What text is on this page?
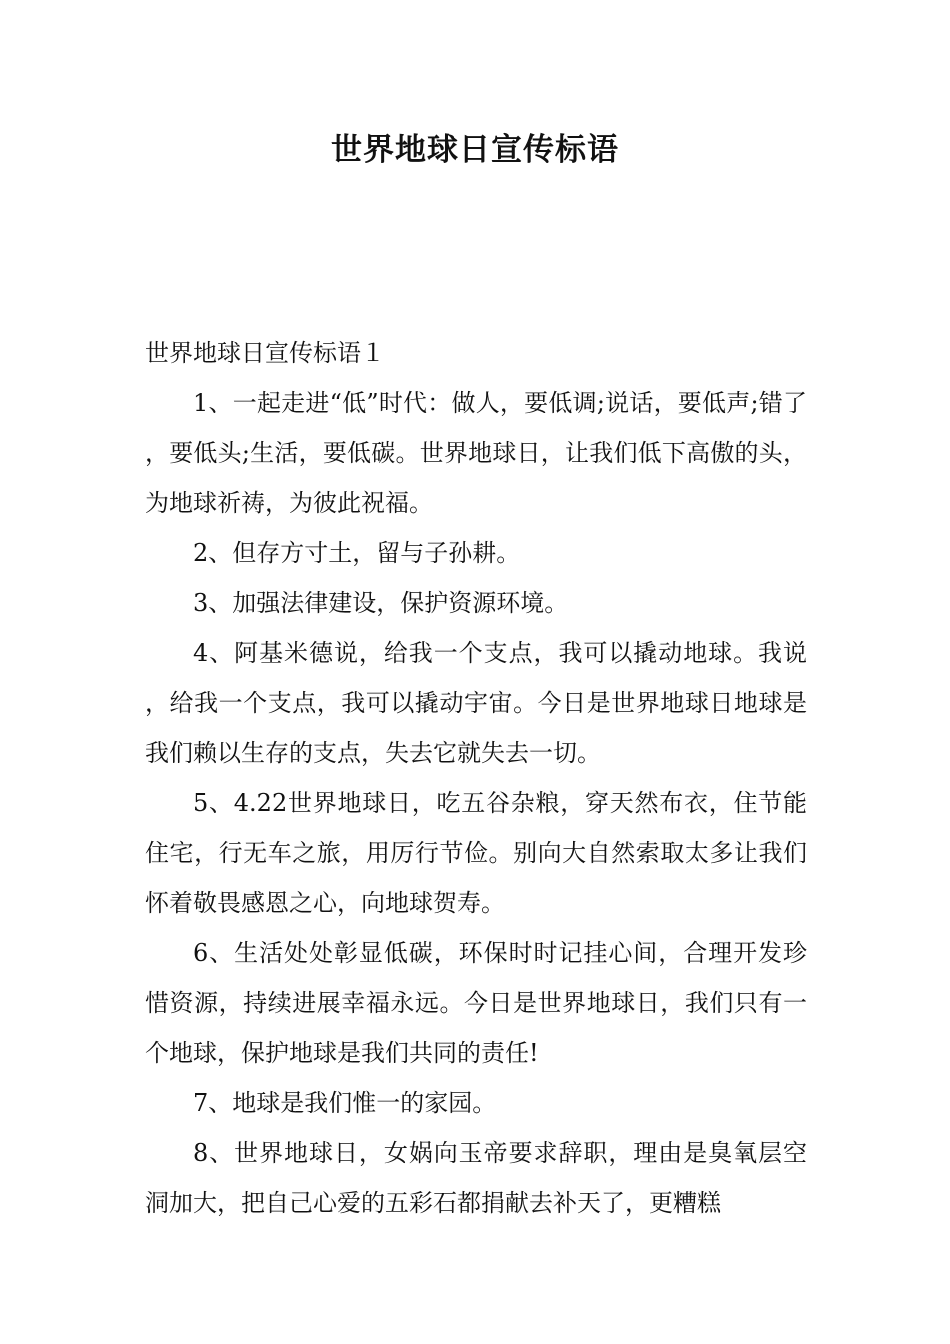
世界地球日宣传标语
世界地球日宣传标语１

1、一起走进“低”时代：做人，要低调;说话，要低声;错了，要低头;生活，要低碳。世界地球日，让我们低下高傲的头，为地球祈祷，为彼此祝福。

2、但存方寸土，留与子孙耕。

3、加强法律建设，保护资源环境。

4、阿基米德说，给我一个支点，我可以撬动地球。我说，给我一个支点，我可以撬动宇宙。今日是世界地球日地球是我们赖以生存的支点，失去它就失去一切。

5、4.22世界地球日，吃五谷杂粮，穿天然布衣，住节能住宅，行无车之旅，用厉行节俭。别向大自然索取太多让我们怀着敬畏感恩之心，向地球贺寿。

6、生活处处彰显低碳，环保时时记挂心间，合理开发珍惜资源，持续进展幸福永远。今日是世界地球日，我们只有一个地球，保护地球是我们共同的责任!

7、地球是我们惟一的家园。

8、世界地球日，女娲向玉帝要求辞职，理由是臭氧层空洞加大，把自己心爱的五彩石都捐献去补天了，更糟糕
